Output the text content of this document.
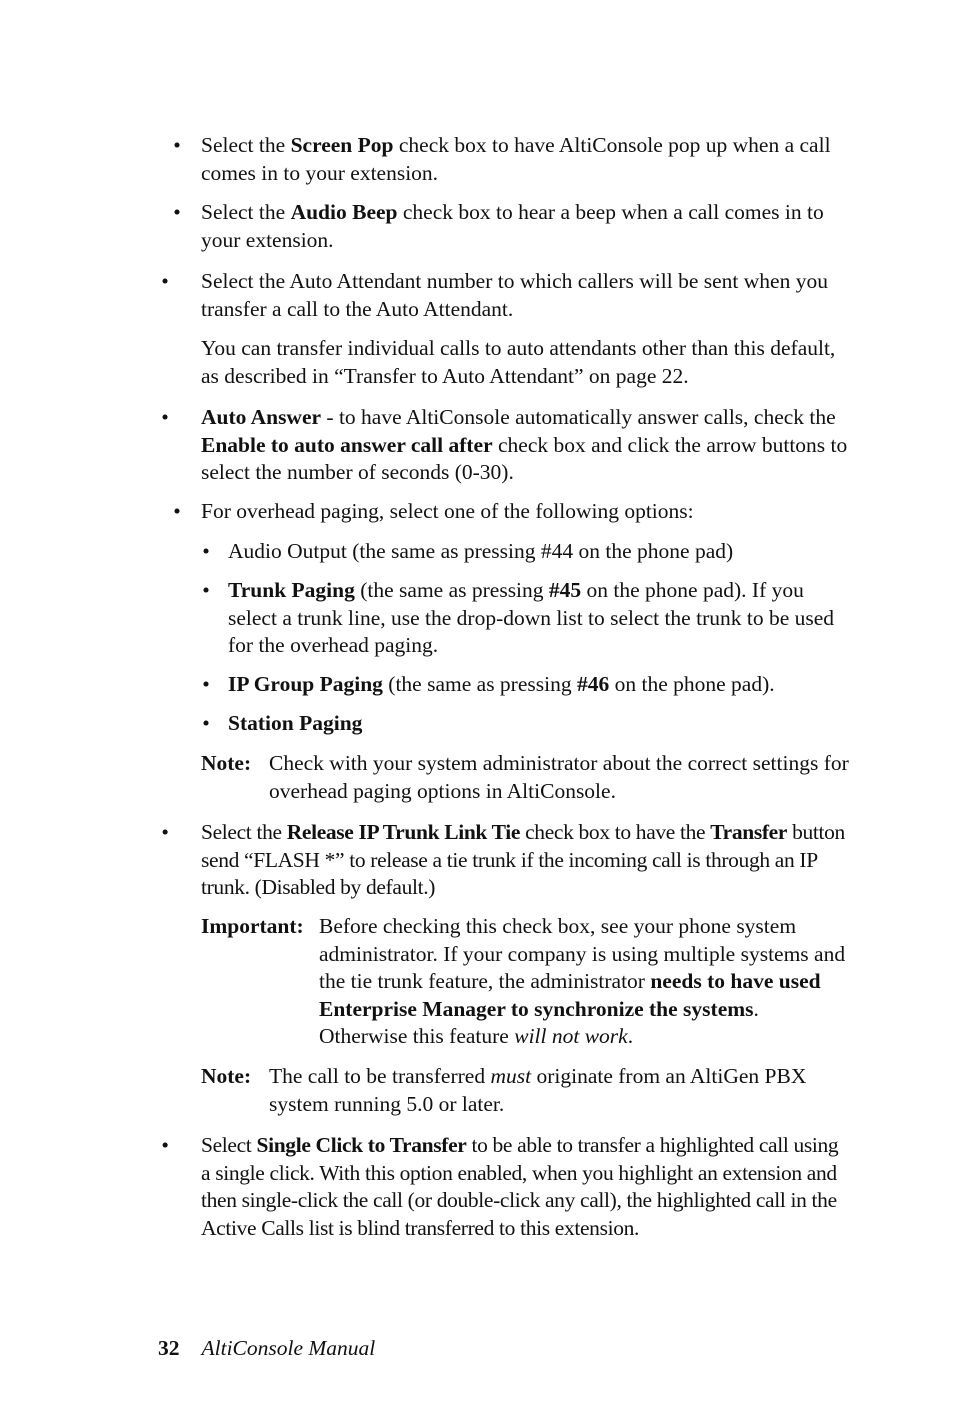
• Select the Screen Pop check box to have AltiConsole pop up when a call comes in to your extension.
• Select the Audio Beep check box to hear a beep when a call comes in to your extension.
• Select the Auto Attendant number to which callers will be sent when you transfer a call to the Auto Attendant.
You can transfer individual calls to auto attendants other than this default, as described in “Transfer to Auto Attendant” on page 22.
• Auto Answer - to have AltiConsole automatically answer calls, check the Enable to auto answer call after check box and click the arrow buttons to select the number of seconds (0-30).
• For overhead paging, select one of the following options:
• Audio Output (the same as pressing #44 on the phone pad)
• Trunk Paging (the same as pressing #45 on the phone pad). If you select a trunk line, use the drop-down list to select the trunk to be used for the overhead paging.
• IP Group Paging (the same as pressing #46 on the phone pad).
• Station Paging
Note: Check with your system administrator about the correct settings for overhead paging options in AltiConsole.
• Select the Release IP Trunk Link Tie check box to have the Transfer button send “FLASH *” to release a tie trunk if the incoming call is through an IP trunk. (Disabled by default.)
Important: Before checking this check box, see your phone system administrator. If your company is using multiple systems and the tie trunk feature, the administrator needs to have used Enterprise Manager to synchronize the systems. Otherwise this feature will not work.
Note: The call to be transferred must originate from an AltiGen PBX system running 5.0 or later.
• Select Single Click to Transfer to be able to transfer a highlighted call using a single click. With this option enabled, when you highlight an extension and then single-click the call (or double-click any call), the highlighted call in the Active Calls list is blind transferred to this extension.
32 AltiConsole Manual
